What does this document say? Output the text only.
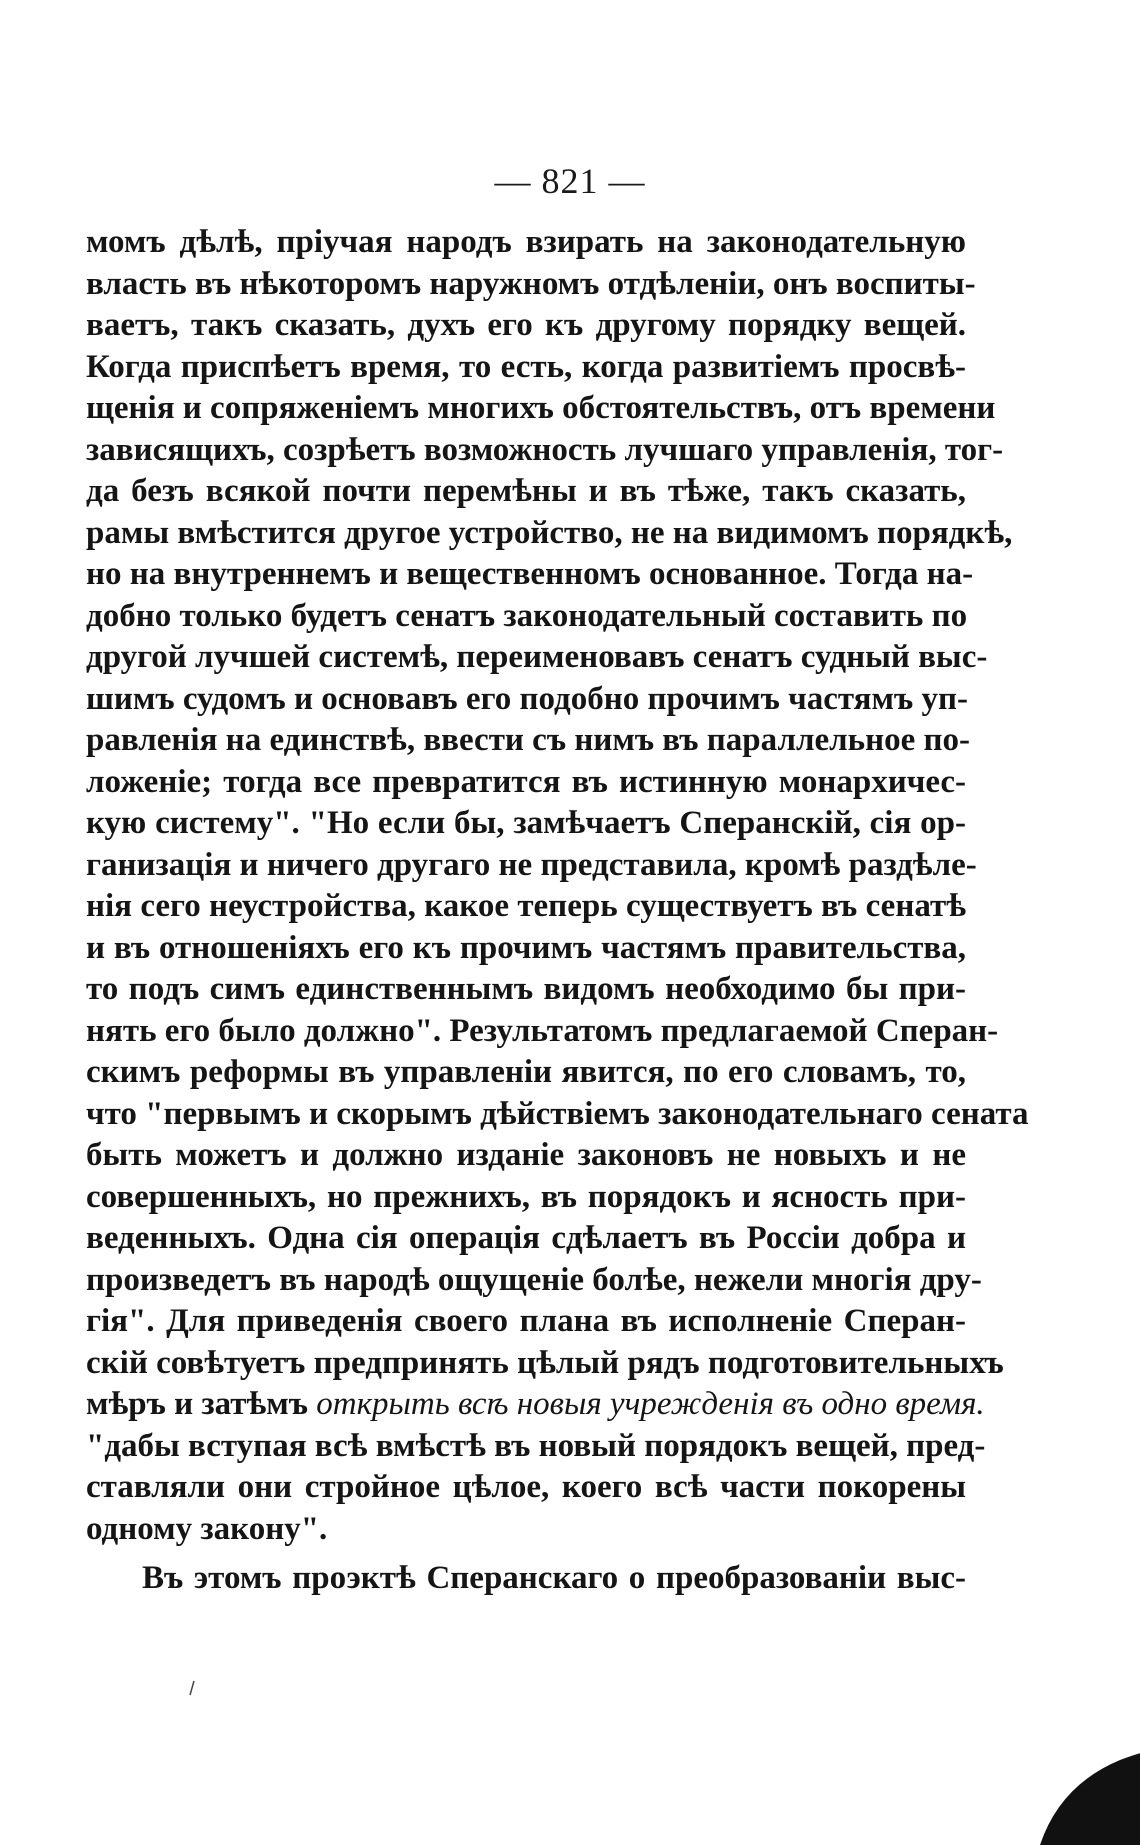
— 821 —
момъ дѣлѣ, пріучая народъ взирать на законодательную
власть въ нѣкоторомъ наружномъ отдѣленіи, онъ воспиты-
ваетъ, такъ сказать, духъ его къ другому порядку вещей.
Когда приспѣетъ время, то есть, когда развитіемъ просвѣ-
щенія и сопряженіемъ многихъ обстоятельствъ, отъ времени
зависящихъ, созрѣетъ возможность лучшаго управленія, тог-
да безъ всякой почти перемѣны и въ тѣже, такъ сказать,
рамы вмѣстится другое устройство, не на видимомъ порядкѣ,
но на внутреннемъ и вещественномъ основанное. Тогда на-
добно только будетъ сенатъ законодательный составить по
другой лучшей системѣ, переименовавъ сенатъ судный выс-
шимъ судомъ и основавъ его подобно прочимъ частямъ уп-
равленія на единствѣ, ввести съ нимъ въ параллельное по-
ложеніе; тогда все превратится въ истинную монархичес-
кую систему". "Но если бы, замѣчаетъ Сперанскій, сія ор-
ганизація и ничего другаго не представила, кромѣ раздѣле-
нія сего неустройства, какое теперь существуетъ въ сенатѣ
и въ отношеніяхъ его къ прочимъ частямъ правительства,
то подъ симъ единственнымъ видомъ необходимо бы при-
нять его было должно". Результатомъ предлагаемой Сперан-
скимъ реформы въ управленіи явится, по его словамъ, то,
что "первымъ и скорымъ дѣйствіемъ законодательнаго сената
быть можетъ и должно изданіе законовъ не новыхъ и не
совершенныхъ, но прежнихъ, въ порядокъ и ясность при-
веденныхъ. Одна сія операція сдѣлаетъ въ Россіи добра и
произведетъ въ народѣ ощущеніе болѣе, нежели многія дру-
гія". Для приведенія своего плана въ исполненіе Сперан-
скій совѣтуетъ предпринять цѣлый рядъ подготовительныхъ
мѣръ и затѣмъ открыть всѣ новыя учрежденія въ одно время.
"дабы вступая всѣ вмѣстѣ въ новый порядокъ вещей, пред-
ставляли они стройное цѣлое, коего всѣ части покорены
одному закону".
Въ этомъ проэктѣ Сперанскаго о преобразованіи выс-
